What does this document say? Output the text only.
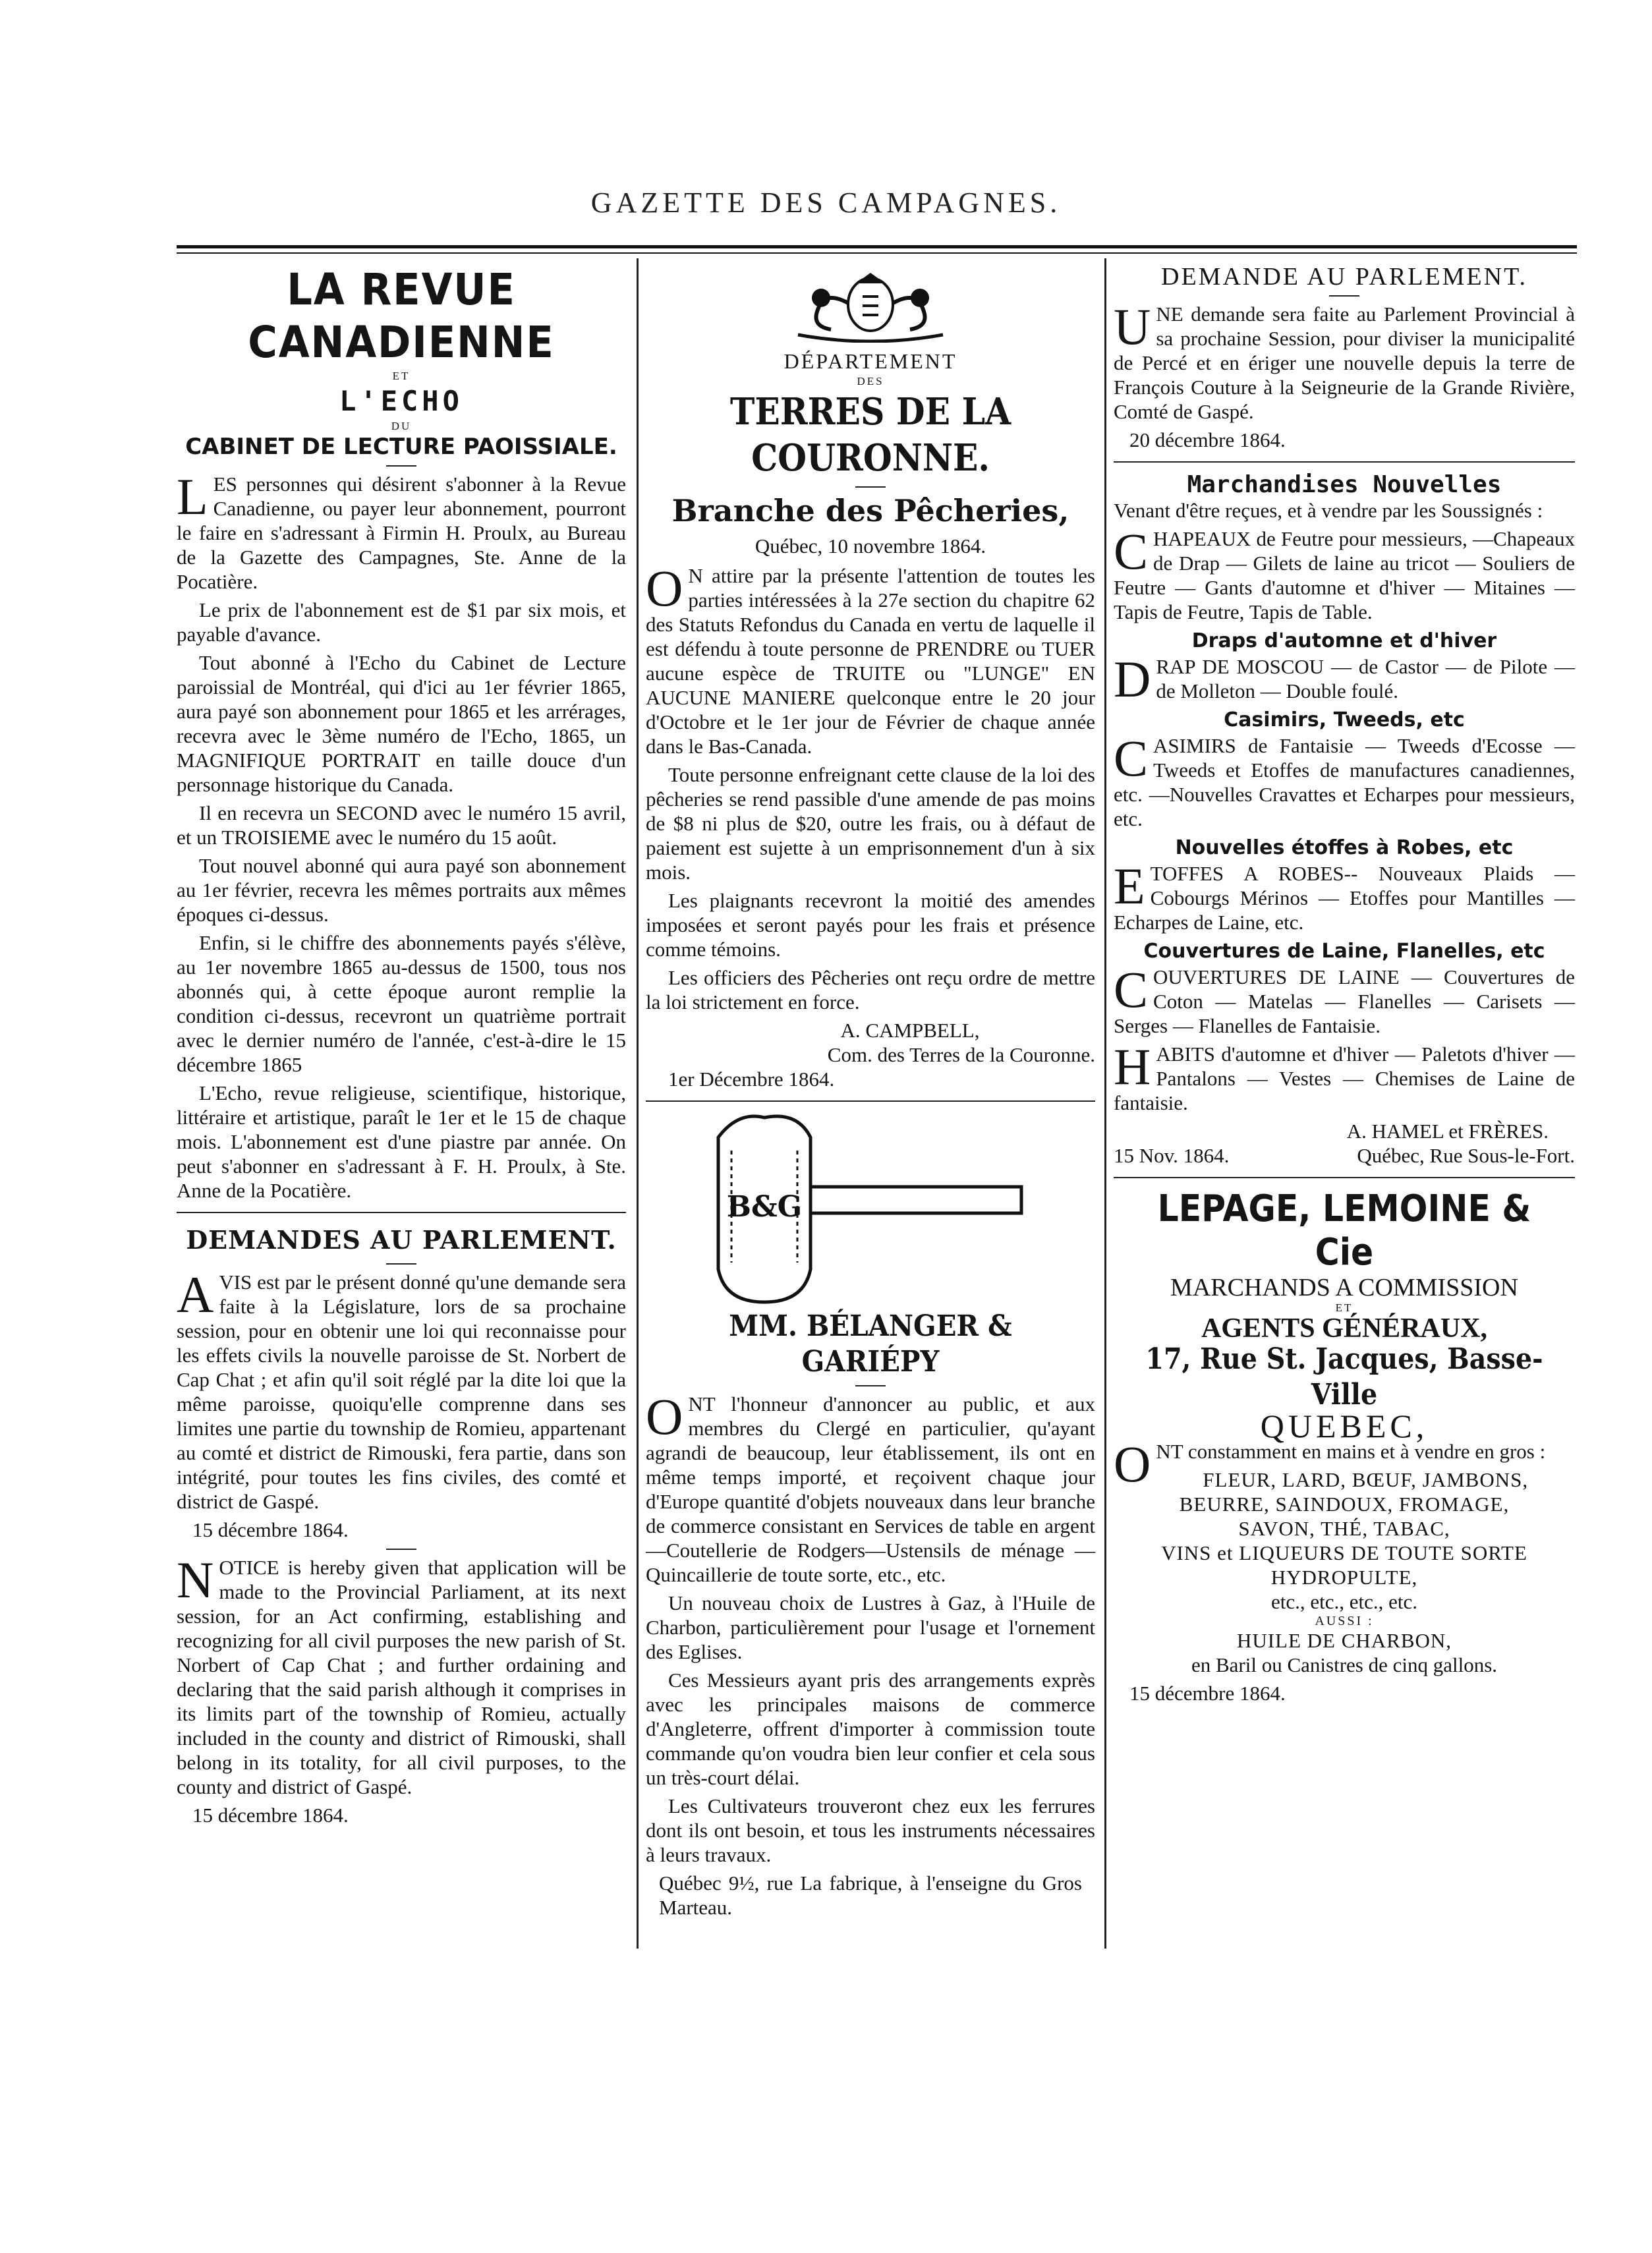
GAZETTE DES CAMPAGNES.
LA REVUE CANADIENNE
ET
L'ECHO
DU
CABINET DE LECTURE PAOISSIALE.

LES personnes qui désirent s'abonner à la Revue Canadienne, ou payer leur abonnement, pourront le faire en s'adressant à Firmin H. Proulx, au Bureau de la Gazette des Campagnes, Ste. Anne de la Pocatière.

Le prix de l'abonnement est de $1 par six mois, et payable d'avance.

Tout abonné à l'Echo du Cabinet de Lecture paroissial de Montréal, qui d'ici au 1er février 1865, aura payé son abonnement pour 1865 et les arrérages, recevra avec le 3ème numéro de l'Echo, 1865, un MAGNIFIQUE PORTRAIT en taille douce d'un personnage historique du Canada.

Il en recevra un SECOND avec le numéro 15 avril, et un TROISIEME avec le numéro du 15 août.

Tout nouvel abonné qui aura payé son abonnement au 1er février, recevra les mêmes portraits aux mêmes époques ci-dessus.

Enfin, si le chiffre des abonnements payés s'élève, au 1er novembre 1865 au-dessus de 1500, tous nos abonnés qui, à cette époque auront remplie la condition ci-dessus, recevront un quatrième portrait avec le dernier numéro de l'année, c'est-à-dire le 15 décembre 1865

L'Echo, revue religieuse, scientifique, historique, littéraire et artistique, paraît le 1er et le 15 de chaque mois. L'abonnement est d'une piastre par année. On peut s'abonner en s'adressant à F. H. Proulx, à Ste. Anne de la Pocatière.

DEMANDES AU PARLEMENT.

AVIS est par le présent donné qu'une demande sera faite à la Législature, lors de sa prochaine session, pour en obtenir une loi qui reconnaisse pour les effets civils la nouvelle paroisse de St. Norbert de Cap Chat ; et afin qu'il soit réglé par la dite loi que la même paroisse, quoiqu'elle comprenne dans ses limites une partie du township de Romieu, appartenant au comté et district de Rimouski, fera partie, dans son intégrité, pour toutes les fins civiles, des comté et district de Gaspé.

15 décembre 1864.

NOTICE is hereby given that application will be made to the Provincial Parliament, at its next session, for an Act confirming, establishing and recognizing for all civil purposes the new parish of St. Norbert of Cap Chat ; and further ordaining and declaring that the said parish although it comprises in its limits part of the township of Romieu, actually included in the county and district of Rimouski, shall belong in its totality, for all civil purposes, to the county and district of Gaspé.

15 décembre 1864.
DÉPARTEMENT
DES
TERRES DE LA COURONNE.
Branche des Pêcheries,
Québec, 10 novembre 1864.

O N attire par la présente l'attention de toutes les parties intéressées à la 27e section du chapitre 62 des Statuts Refondus du Canada en vertu de laquelle il est défendu à toute personne de PRENDRE ou TUER aucune espèce de TRUITE ou "LUNGE" EN AUCUNE MANIERE quelconque entre le 20 jour d'Octobre et le 1er jour de Février de chaque année dans le Bas-Canada.

Toute personne enfreignant cette clause de la loi des pêcheries se rend passible d'une amende de pas moins de $8 ni plus de $20, outre les frais, ou à défaut de paiement est sujette à un emprisonnement d'un à six mois.

Les plaignants recevront la moitié des amendes imposées et seront payés pour les frais et présence comme témoins.

Les officiers des Pêcheries ont reçu ordre de mettre la loi strictement en force.

A. CAMPBELL,
Com. des Terres de la Couronne.
1er Décembre 1864.
B&G
MM. BÉLANGER & GARIÉPY

ONT l'honneur d'annoncer au public, et aux membres du Clergé en particulier, qu'ayant agrandi de beaucoup, leur établissement, ils ont en même temps importé, et reçoivent chaque jour d'Europe quantité d'objets nouveaux dans leur branche de commerce consistant en Services de table en argent—Coutellerie de Rodgers—Ustensils de ménage — Quincaillerie de toute sorte, etc., etc.

Un nouveau choix de Lustres à Gaz, à l'Huile de Charbon, particulièrement pour l'usage et l'ornement des Eglises.

Ces Messieurs ayant pris des arrangements exprès avec les principales maisons de commerce d'Angleterre, offrent d'importer à commission toute commande qu'on voudra bien leur confier et cela sous un très-court délai.

Les Cultivateurs trouveront chez eux les ferrures dont ils ont besoin, et tous les instruments nécessaires à leurs travaux.

Québec 9½, rue La fabrique, à l'enseigne du Gros Marteau.

DEMANDE AU PARLEMENT.

UNE demande sera faite au Parlement Provincial à sa prochaine Session, pour diviser la municipalité de Percé et en ériger une nouvelle depuis la terre de François Couture à la Seigneurie de la Grande Rivière, Comté de Gaspé.

20 décembre 1864.
Marchandises Nouvelles

Venant d'être reçues, et à vendre par les Soussignés :

CHAPEAUX de Feutre pour messieurs, —Chapeaux de Drap — Gilets de laine au tricot — Souliers de Feutre — Gants d'automne et d'hiver — Mitaines — Tapis de Feutre, Tapis de Table.

Draps d'automne et d'hiver

DRAP DE MOSCOU — de Castor — de Pilote — de Molleton — Double foulé.

Casimirs, Tweeds, etc

CASIMIRS de Fantaisie — Tweeds d'Ecosse — Tweeds et Etoffes de manufactures canadiennes, etc. —Nouvelles Cravattes et Echarpes pour messieurs, etc.

Nouvelles étoffes à Robes, etc

ETOFFES A ROBES-- Nouveaux Plaids — Cobourgs Mérinos — Etoffes pour Mantilles —Echarpes de Laine, etc.

Couvertures de Laine, Flanelles, etc

COUVERTURES DE LAINE — Couvertures de Coton — Matelas — Flanelles — Carisets — Serges — Flanelles de Fantaisie.

HABITS d'automne et d'hiver — Paletots d'hiver — Pantalons — Vestes — Chemises de Laine de fantaisie.

A. HAMEL et FRÈRES.
15 Nov. 1864.	Québec, Rue Sous-le-Fort.
LEPAGE, LEMOINE & Cie
MARCHANDS A COMMISSION
ET
AGENTS GÉNÉRAUX,
17, Rue St. Jacques, Basse-Ville
QUEBEC,

ONT constamment en mains et à vendre en gros :

FLEUR, LARD, BŒUF, JAMBONS,
BEURRE, SAINDOUX, FROMAGE,
SAVON, THÉ, TABAC,
VINS et LIQUEURS DE TOUTE SORTE
HYDROPULTE,
etc., etc., etc., etc.
AUSSI :
HUILE DE CHARBON,
en Baril ou Canistres de cinq gallons.
15 décembre 1864.
